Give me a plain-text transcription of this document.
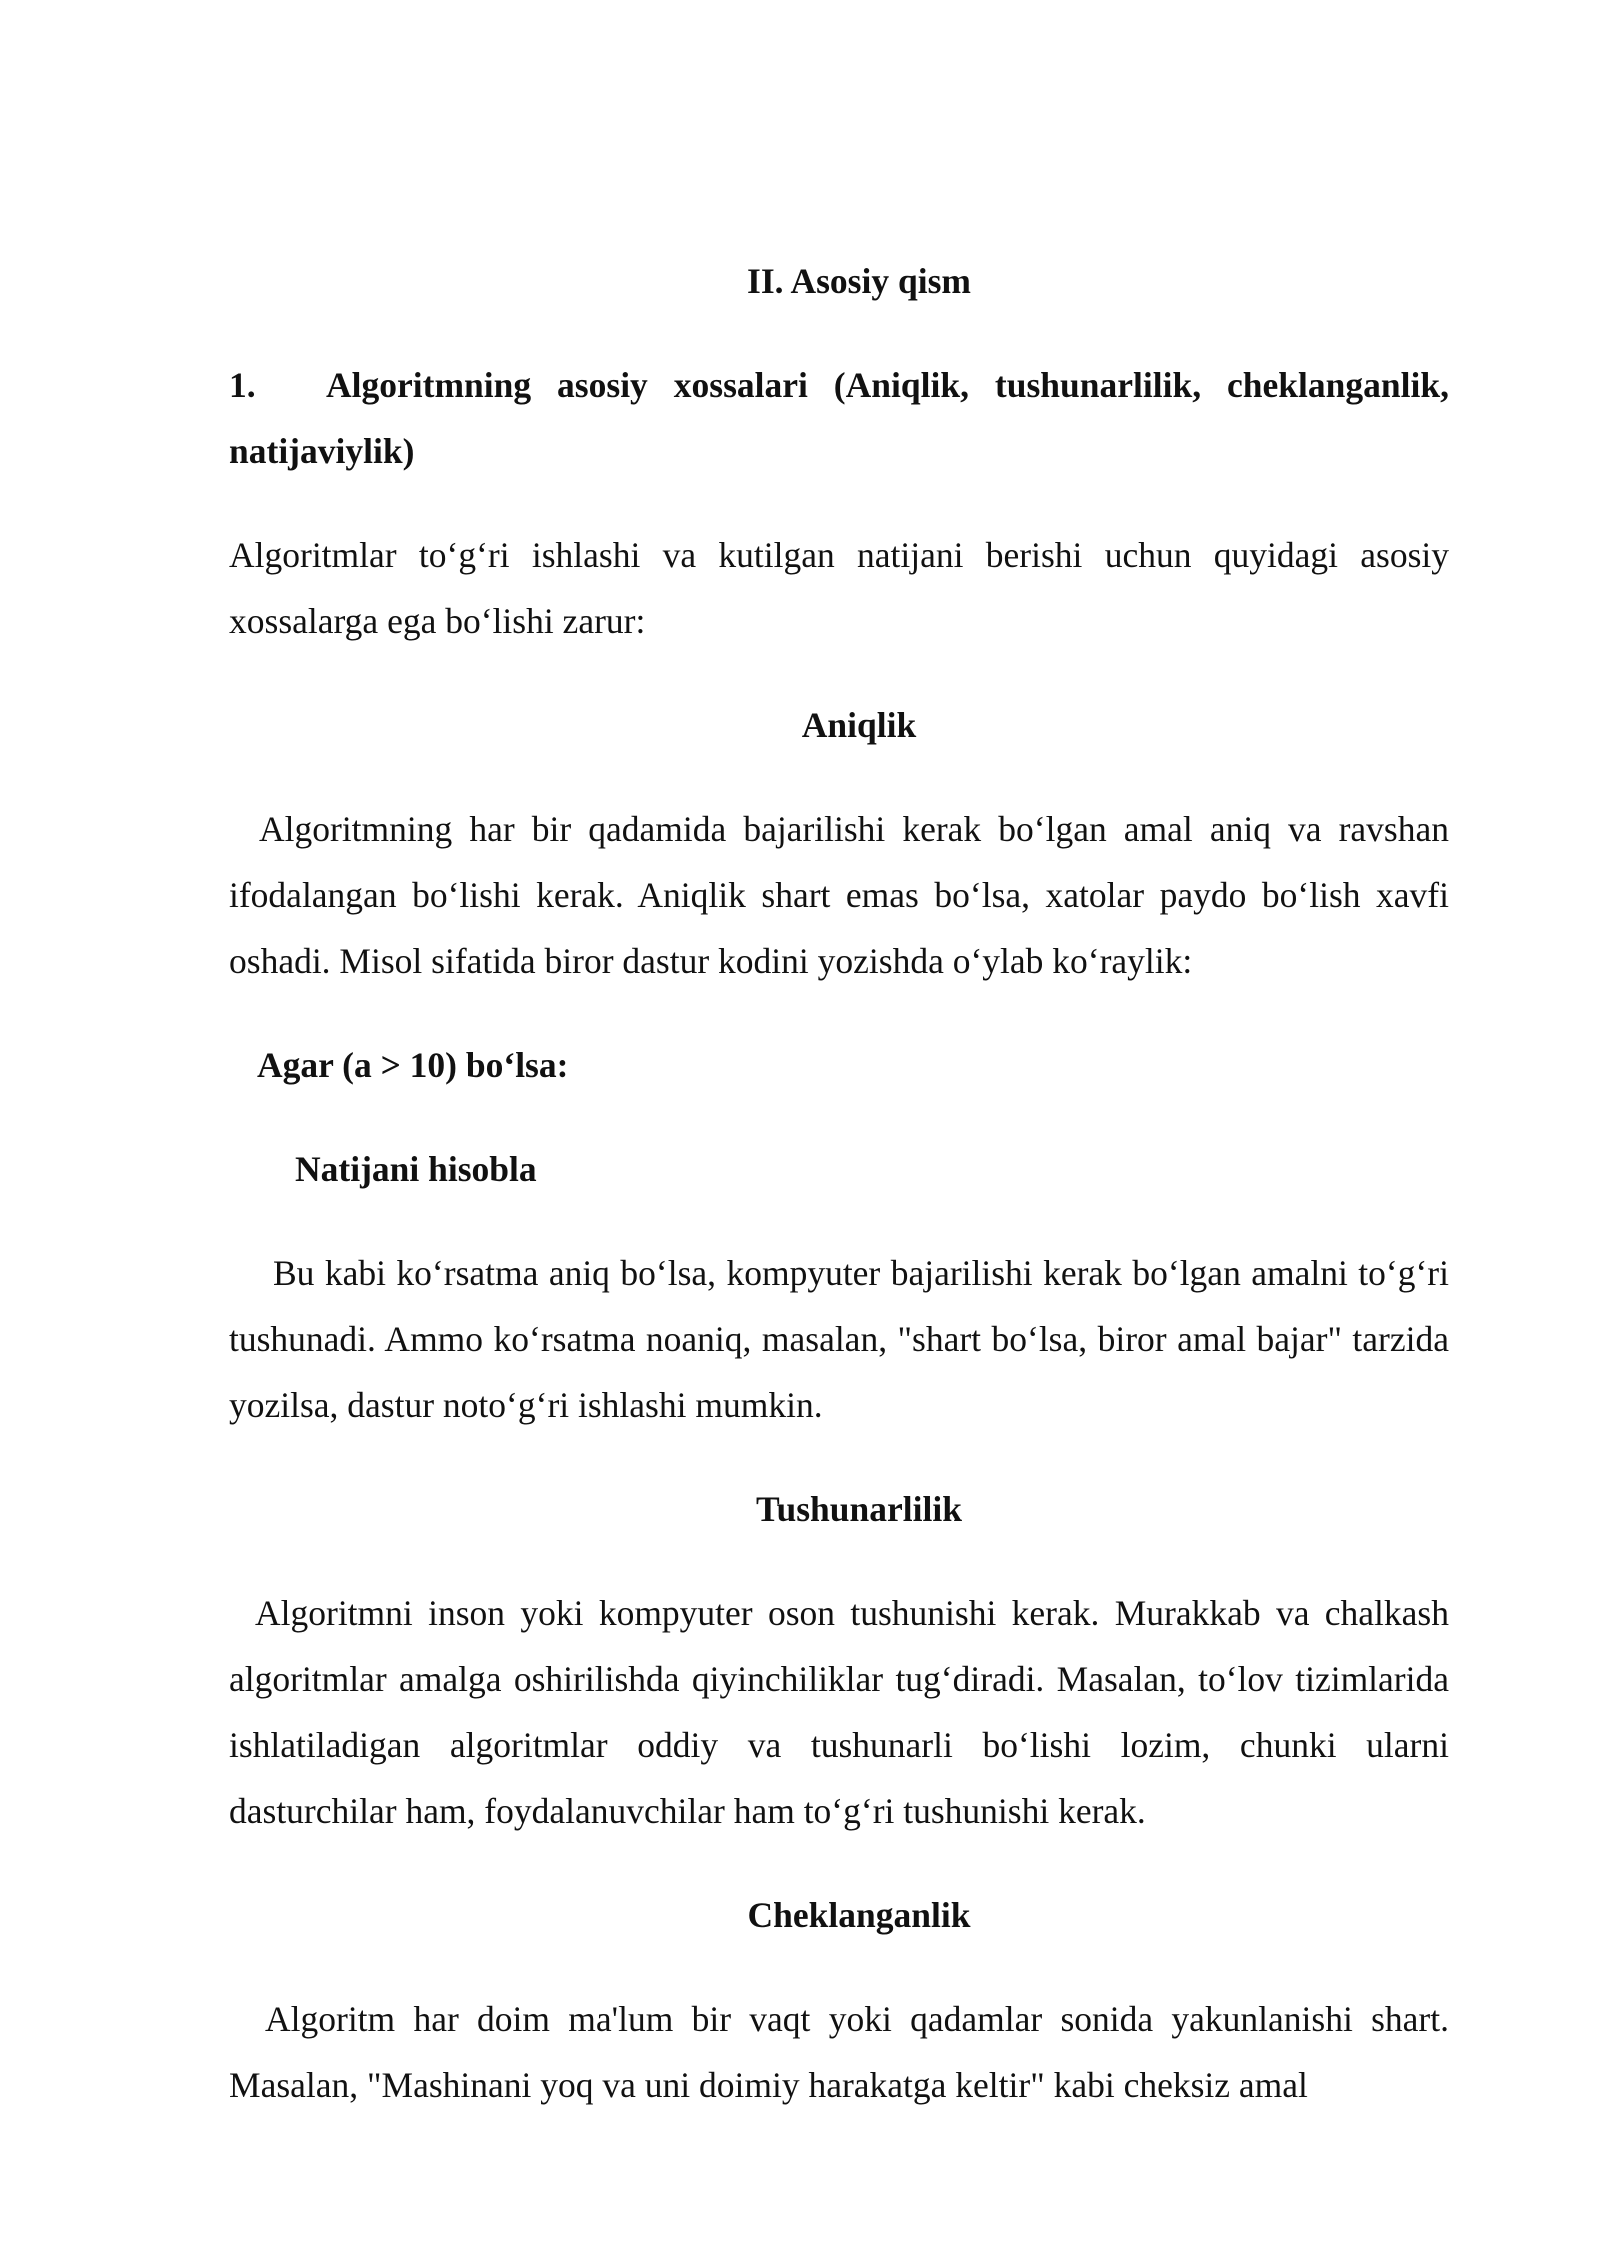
II. Asosiy qism
1. Algoritmning asosiy xossalari (Aniqlik, tushunarlilik, cheklanganlik, natijaviylik)

Algoritmlar to‘g‘ri ishlashi va kutilgan natijani berishi uchun quyidagi asosiy xossalarga ega bo‘lishi zarur:

Aniqlik

Algoritmning har bir qadamida bajarilishi kerak bo‘lgan amal aniq va ravshan ifodalangan bo‘lishi kerak. Aniqlik shart emas bo‘lsa, xatolar paydo bo‘lish xavfi oshadi. Misol sifatida biror dastur kodini yozishda o‘ylab ko‘raylik:

Agar (a > 10) bo‘lsa:
Natijani hisobla

Bu kabi ko‘rsatma aniq bo‘lsa, kompyuter bajarilishi kerak bo‘lgan amalni to‘g‘ri tushunadi. Ammo ko‘rsatma noaniq, masalan, "shart bo‘lsa, biror amal bajar" tarzida yozilsa, dastur noto‘g‘ri ishlashi mumkin.

Tushunarlilik

Algoritmni inson yoki kompyuter oson tushunishi kerak. Murakkab va chalkash algoritmlar amalga oshirilishda qiyinchiliklar tug‘diradi. Masalan, to‘lov tizimlarida ishlatiladigan algoritmlar oddiy va tushunarli bo‘lishi lozim, chunki ularni dasturchilar ham, foydalanuvchilar ham to‘g‘ri tushunishi kerak.

Cheklanganlik

Algoritm har doim ma'lum bir vaqt yoki qadamlar sonida yakunlanishi shart. Masalan, "Mashinani yoq va uni doimiy harakatga keltir" kabi cheksiz amal
